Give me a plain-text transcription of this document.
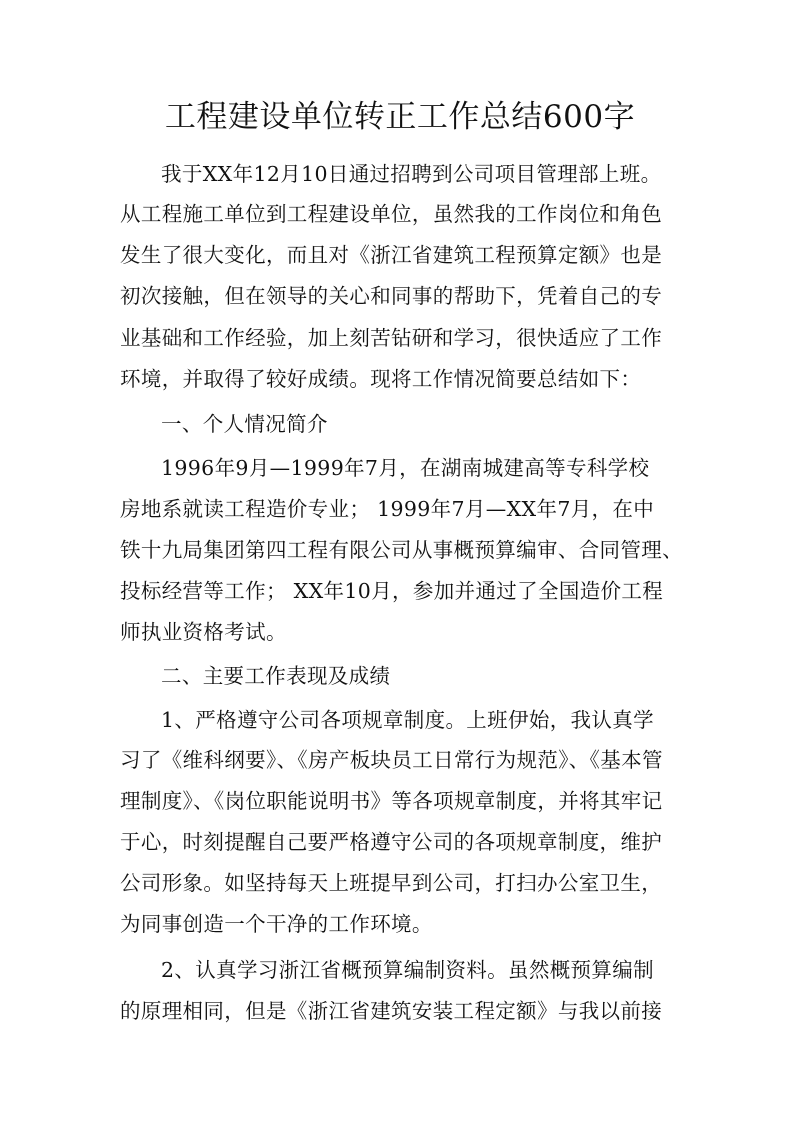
工程建设单位转正工作总结600字
我于XX年12月10日通过招聘到公司项目管理部上班。
从工程施工单位到工程建设单位，虽然我的工作岗位和角色
发生了很大变化，而且对《浙江省建筑工程预算定额》也是
初次接触，但在领导的关心和同事的帮助下，凭着自己的专
业基础和工作经验，加上刻苦钻研和学习，很快适应了工作
环境，并取得了较好成绩。现将工作情况简要总结如下：
一、个人情况简介
1996年9月—1999年7月，在湖南城建高等专科学校
房地系就读工程造价专业； 1999年7月—XX年7月，在中
铁十九局集团第四工程有限公司从事概预算编审、合同管理、
投标经营等工作； XX年10月，参加并通过了全国造价工程
师执业资格考试。
二、主要工作表现及成绩
1、严格遵守公司各项规章制度。上班伊始，我认真学
习了《维科纲要》、《房产板块员工日常行为规范》、《基本管
理制度》、《岗位职能说明书》等各项规章制度，并将其牢记
于心，时刻提醒自己要严格遵守公司的各项规章制度，维护
公司形象。如坚持每天上班提早到公司，打扫办公室卫生，
为同事创造一个干净的工作环境。
2、认真学习浙江省概预算编制资料。虽然概预算编制
的原理相同，但是《浙江省建筑安装工程定额》与我以前接
